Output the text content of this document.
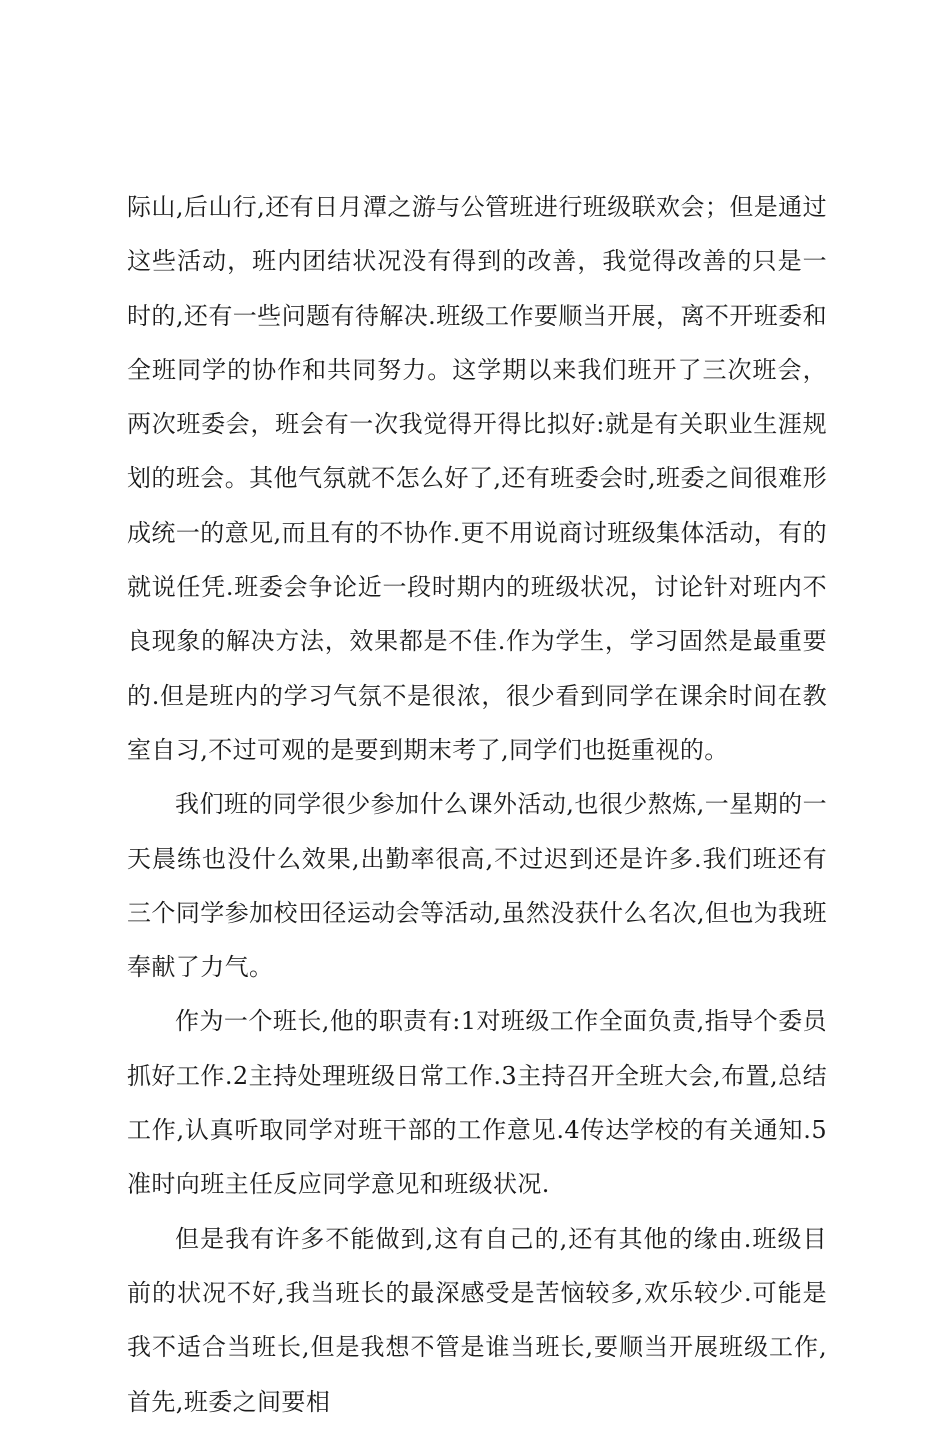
际山,后山行,还有日月潭之游与公管班进行班级联欢会；但是通过这些活动，班内团结状况没有得到的改善，我觉得改善的只是一时的,还有一些问题有待解决.班级工作要顺当开展，离不开班委和全班同学的协作和共同努力。这学期以来我们班开了三次班会，两次班委会，班会有一次我觉得开得比拟好:就是有关职业生涯规划的班会。其他气氛就不怎么好了,还有班委会时,班委之间很难形成统一的意见,而且有的不协作.更不用说商讨班级集体活动，有的就说任凭.班委会争论近一段时期内的班级状况，讨论针对班内不良现象的解决方法，效果都是不佳.作为学生，学习固然是最重要的.但是班内的学习气氛不是很浓，很少看到同学在课余时间在教室自习,不过可观的是要到期末考了,同学们也挺重视的。

我们班的同学很少参加什么课外活动,也很少熬炼,一星期的一天晨练也没什么效果,出勤率很高,不过迟到还是许多.我们班还有三个同学参加校田径运动会等活动,虽然没获什么名次,但也为我班奉献了力气。

作为一个班长,他的职责有:1对班级工作全面负责,指导个委员抓好工作.2主持处理班级日常工作.3主持召开全班大会,布置,总结工作,认真听取同学对班干部的工作意见.4传达学校的有关通知.5准时向班主任反应同学意见和班级状况.

但是我有许多不能做到,这有自己的,还有其他的缘由.班级目前的状况不好,我当班长的最深感受是苦恼较多,欢乐较少.可能是我不适合当班长,但是我想不管是谁当班长,要顺当开展班级工作,首先,班委之间要相
